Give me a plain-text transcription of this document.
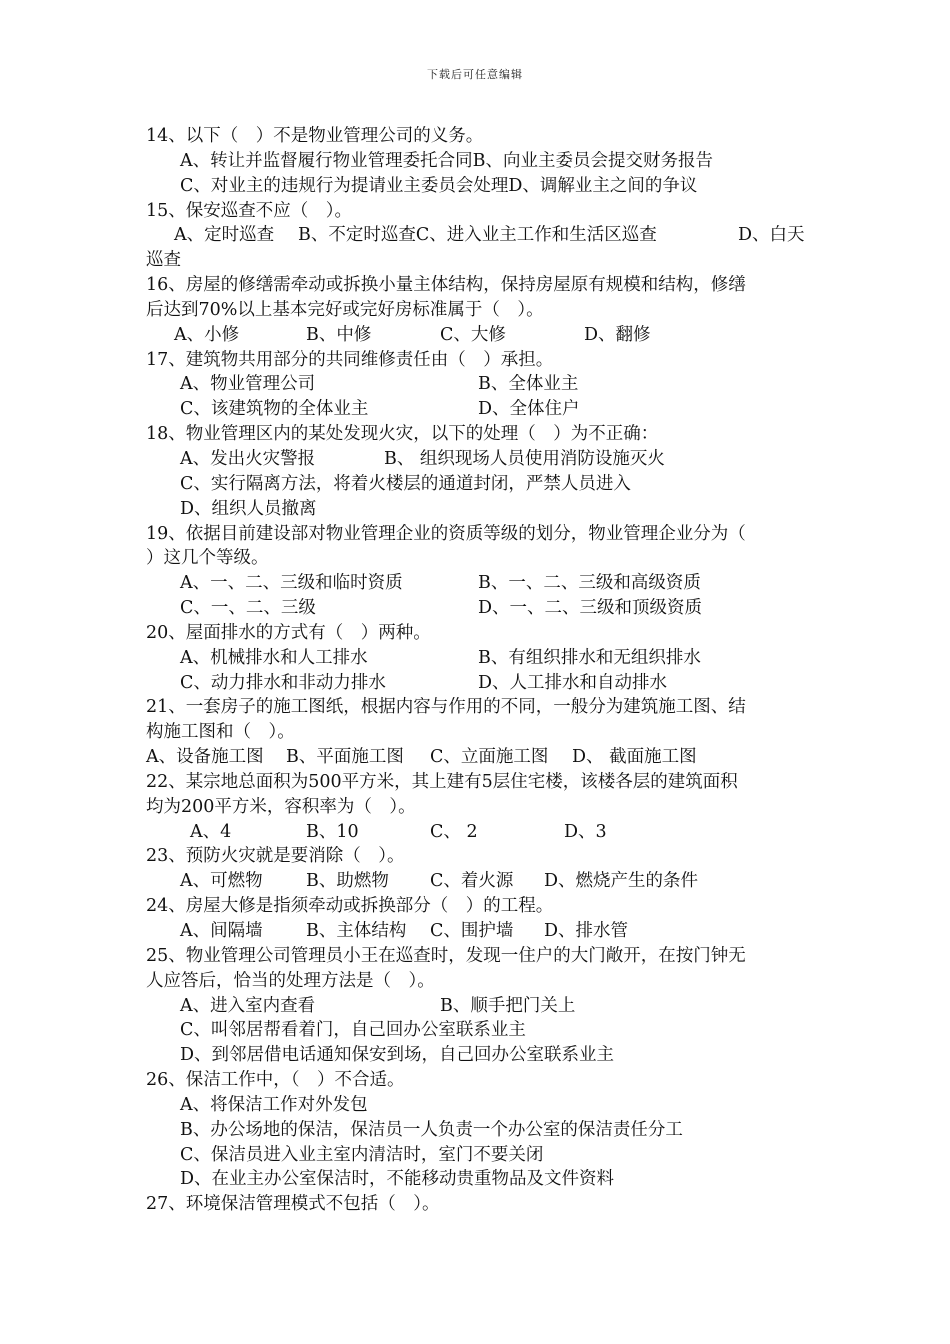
下载后可任意编辑
14、以下（　）不是物业管理公司的义务。
A、转让并监督履行物业管理委托合同B、向业主委员会提交财务报告
C、对业主的违规行为提请业主委员会处理D、调解业主之间的争议
15、保安巡查不应（　）。
A、定时巡查 B、不定时巡查C、进入业主工作和生活区巡查	D、白天
巡查
16、房屋的修缮需牵动或拆换小量主体结构，保持房屋原有规模和结构，修缮
后达到70%以上基本完好或完好房标准属于（　）。
A、小修	B、中修	C、大修	D、翻修
17、建筑物共用部分的共同维修责任由（　）承担。
A、物业管理公司	B、全体业主
C、该建筑物的全体业主	D、全体住户
18、物业管理区内的某处发现火灾，以下的处理（　）为不正确：
A、发出火灾警报	B、 组织现场人员使用消防设施灭火
C、实行隔离方法，将着火楼层的通道封闭，严禁人员进入
D、组织人员撤离
19、依据目前建设部对物业管理企业的资质等级的划分，物业管理企业分为（
）这几个等级。
A、一、二、三级和临时资质	B、一、二、三级和高级资质
C、一、二、三级	D、一、二、三级和顶级资质
20、屋面排水的方式有（　）两种。
A、机械排水和人工排水	B、有组织排水和无组织排水
C、动力排水和非动力排水	D、人工排水和自动排水
21、一套房子的施工图纸，根据内容与作用的不同，一般分为建筑施工图、结
构施工图和（　）。
A、设备施工图 B、平面施工图 C、立面施工图 D、 截面施工图
22、某宗地总面积为500平方米，其上建有5层住宅楼，该楼各层的建筑面积
均为200平方米，容积率为（　）。
A、4	B、10	C、 2	D、3
23、预防火灾就是要消除（　）。
A、可燃物 B、助燃物 C、着火源 D、燃烧产生的条件
24、房屋大修是指须牵动或拆换部分（　）的工程。
A、间隔墙 B、主体结构 C、围护墙 D、排水管
25、物业管理公司管理员小王在巡查时，发现一住户的大门敞开，在按门钟无
人应答后，恰当的处理方法是（　）。
A、进入室内查看	B、顺手把门关上
C、叫邻居帮看着门，自己回办公室联系业主
D、到邻居借电话通知保安到场，自己回办公室联系业主
26、保洁工作中，（　）不合适。
A、将保洁工作对外发包
B、办公场地的保洁，保洁员一人负责一个办公室的保洁责任分工
C、保洁员进入业主室内清洁时，室门不要关闭
D、在业主办公室保洁时，不能移动贵重物品及文件资料
27、环境保洁管理模式不包括（　）。
